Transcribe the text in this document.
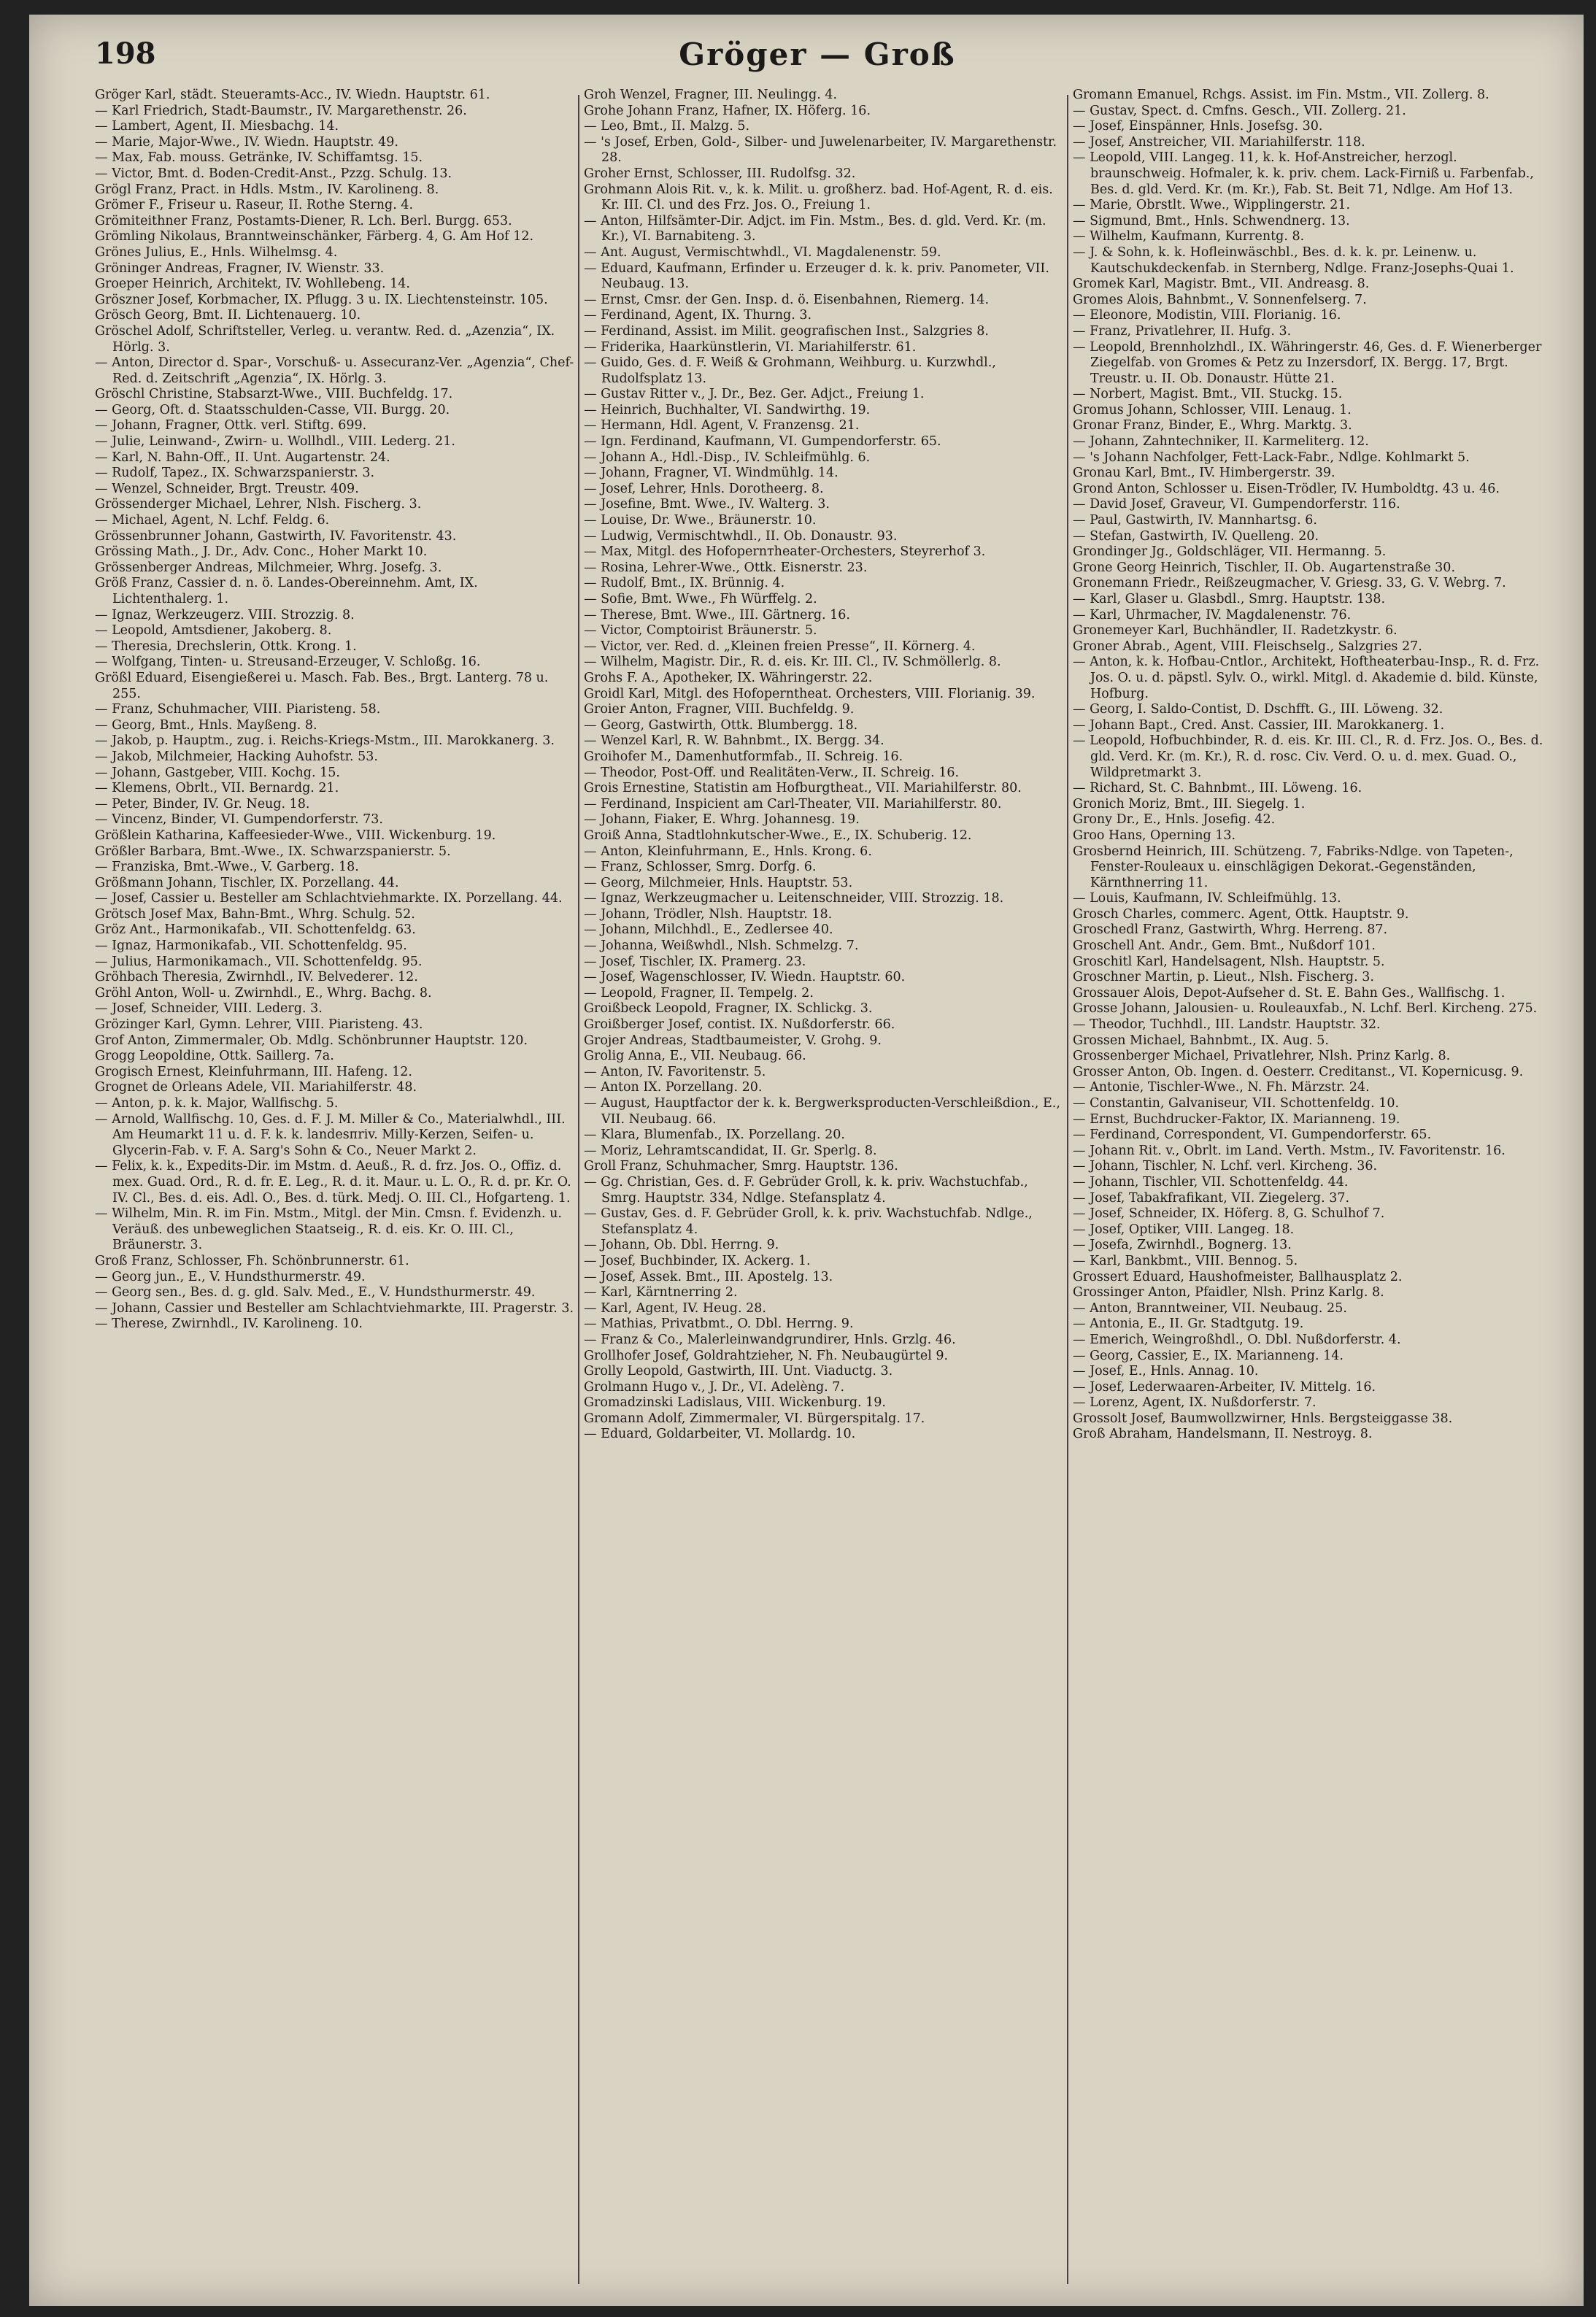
198	Gröger — Groß

Gröger Karl, städt. Steueramts-Acc., IV. Wiedn. Hauptstr. 61.

— Karl Friedrich, Stadt-Baumstr., IV. Margarethenstr. 26.

— Lambert, Agent, II. Miesbachg. 14.

— Marie, Major-Wwe., IV. Wiedn. Hauptstr. 49.

— Max, Fab. mouss. Getränke, IV. Schiffamtsg. 15.

— Victor, Bmt. d. Boden-Credit-Anst., Pzzg. Schulg. 13.

Grögl Franz, Pract. in Hdls. Mstm., IV. Karolineng. 8.

Grömer F., Friseur u. Raseur, II. Rothe Sterng. 4.

Grömiteithner Franz, Postamts-Diener, R. Lch. Berl. Burgg. 653.

Grömling Nikolaus, Branntweinschänker, Färberg. 4, G. Am Hof 12.

Grönes Julius, E., Hnls. Wilhelmsg. 4.

Gröninger Andreas, Fragner, IV. Wienstr. 33.

Groeper Heinrich, Architekt, IV. Wohllebeng. 14.

Gröszner Josef, Korbmacher, IX. Pflugg. 3 u. IX. Liechtensteinstr. 105.

Grösch Georg, Bmt. II. Lichtenauerg. 10.

Gröschel Adolf, Schriftsteller, Verleg. u. verantw. Red. d. „Azenzia“, IX. Hörlg. 3.

— Anton, Director d. Spar-, Vorschuß- u. Assecuranz-Ver. „Agenzia“, Chef-Red. d. Zeitschrift „Agenzia“, IX. Hörlg. 3.

Gröschl Christine, Stabsarzt-Wwe., VIII. Buchfeldg. 17.

— Georg, Oft. d. Staatsschulden-Casse, VII. Burgg. 20.

— Johann, Fragner, Ottk. verl. Stiftg. 699.

— Julie, Leinwand-, Zwirn- u. Wollhdl., VIII. Lederg. 21.

— Karl, N. Bahn-Off., II. Unt. Augartenstr. 24.

— Rudolf, Tapez., IX. Schwarzspanierstr. 3.

— Wenzel, Schneider, Brgt. Treustr. 409.

Grössenderger Michael, Lehrer, Nlsh. Fischerg. 3.

— Michael, Agent, N. Lchf. Feldg. 6.

Grössenbrunner Johann, Gastwirth, IV. Favoritenstr. 43.

Grössing Math., J. Dr., Adv. Conc., Hoher Markt 10.

Grössenberger Andreas, Milchmeier, Whrg. Josefg. 3.

Größ Franz, Cassier d. n. ö. Landes-Obereinnehm. Amt, IX. Lichtenthalerg. 1.

— Ignaz, Werkzeugerz. VIII. Strozzig. 8.

— Leopold, Amtsdiener, Jakoberg. 8.

— Theresia, Drechslerin, Ottk. Krong. 1.

— Wolfgang, Tinten- u. Streusand-Erzeuger, V. Schloßg. 16.

Größl Eduard, Eisengießerei u. Masch. Fab. Bes., Brgt. Lanterg. 78 u. 255.

— Franz, Schuhmacher, VIII. Piaristeng. 58.

— Georg, Bmt., Hnls. Mayßeng. 8.

— Jakob, p. Hauptm., zug. i. Reichs-Kriegs-Mstm., III. Marokkanerg. 3.

— Jakob, Milchmeier, Hacking Auhofstr. 53.

— Johann, Gastgeber, VIII. Kochg. 15.

— Klemens, Obrlt., VII. Bernardg. 21.

— Peter, Binder, IV. Gr. Neug. 18.

— Vincenz, Binder, VI. Gumpendorferstr. 73.

Größlein Katharina, Kaffeesieder-Wwe., VIII. Wickenburg. 19.

Größler Barbara, Bmt.-Wwe., IX. Schwarzspanierstr. 5.

— Franziska, Bmt.-Wwe., V. Garberg. 18.

Größmann Johann, Tischler, IX. Porzellang. 44.

— Josef, Cassier u. Besteller am Schlachtviehmarkte. IX. Porzellang. 44.

Grötsch Josef Max, Bahn-Bmt., Whrg. Schulg. 52.

Gröz Ant., Harmonikafab., VII. Schottenfeldg. 63.

— Ignaz, Harmonikafab., VII. Schottenfeldg. 95.

— Julius, Harmonikamach., VII. Schottenfeldg. 95.

Gröhbach Theresia, Zwirnhdl., IV. Belvederег. 12.

Gröhl Anton, Woll- u. Zwirnhdl., E., Whrg. Bachg. 8.

— Josef, Schneider, VIII. Lederg. 3.

Grözinger Karl, Gymn. Lehrer, VIII. Piaristeng. 43.

Grof Anton, Zimmermaler, Ob. Mdlg. Schönbrunner Hauptstr. 120.

Grogg Leopoldine, Ottk. Saillerg. 7a.

Grogisch Ernest, Kleinfuhrmann, III. Hafeng. 12.

Grognet de Orleans Adele, VII. Mariahilferstr. 48.

— Anton, p. k. k. Major, Wallfischg. 5.

— Arnold, Wallfischg. 10, Ges. d. F. J. M. Miller & Co., Materialwhdl., III. Am Heumarkt 11 u. d. F. k. k. landesпriv. Milly-Kerzen, Seifen- u. Glycerin-Fab. v. F. A. Sarg's Sohn & Co., Neuer Markt 2.

— Felix, k. k., Expedits-Dir. im Mstm. d. Aeuß., R. d. frz. Jos. O., Offiz. d. mex. Guad. Ord., R. d. fr. E. Leg., R. d. it. Maur. u. L. O., R. d. pr. Kr. O. IV. Cl., Bes. d. eis. Adl. O., Bes. d. türk. Medj. O. III. Cl., Hofgarteng. 1.

— Wilhelm, Min. R. im Fin. Mstm., Mitgl. der Min. Cmsn. f. Evidenzh. u. Veräuß. des unbeweglichen Staatseig., R. d. eis. Kr. O. III. Cl., Bräunerstr. 3.

Groß Franz, Schlosser, Fh. Schönbrunnerstr. 61.

— Georg jun., E., V. Hundsthurmerstr. 49.

— Georg sen., Bes. d. g. gld. Salv. Med., E., V. Hundsthurmerstr. 49.

— Johann, Cassier und Besteller am Schlachtviehmarkte, III. Pragerstr. 3.

— Therese, Zwirnhdl., IV. Karolineng. 10.

Groh Wenzel, Fragner, III. Neulingg. 4.

Grohe Johann Franz, Hafner, IX. Höferg. 16.

— Leo, Bmt., II. Malzg. 5.

— 's Josef, Erben, Gold-, Silber- und Juwelenarbeiter, IV. Margarethenstr. 28.

Groher Ernst, Schlosser, III. Rudolfsg. 32.

Grohmann Alois Rit. v., k. k. Milit. u. großherz. bad. Hof-Agent, R. d. eis. Kr. III. Cl. und des Frz. Jos. O., Freiung 1.

— Anton, Hilfsämter-Dir. Adjct. im Fin. Mstm., Bes. d. gld. Verd. Kr. (m. Kr.), VI. Barnabiteng. 3.

— Ant. August, Vermischtwhdl., VI. Magdalenenstr. 59.

— Eduard, Kaufmann, Erfinder u. Erzeuger d. k. k. priv. Panometer, VII. Neubaug. 13.

— Ernst, Cmsr. der Gen. Insp. d. ö. Eisenbahnen, Riemerg. 14.

— Ferdinand, Agent, IX. Thurng. 3.

— Ferdinand, Assist. im Milit. geografischen Inst., Salzgries 8.

— Friderika, Haarkünstlerin, VI. Mariahilferstr. 61.

— Guido, Ges. d. F. Weiß & Grohmann, Weihburg. u. Kurzwhdl., Rudolfsplatz 13.

— Gustav Ritter v., J. Dr., Bez. Ger. Adjct., Freiung 1.

— Heinrich, Buchhalter, VI. Sandwirthg. 19.

— Hermann, Hdl. Agent, V. Franzensg. 21.

— Ign. Ferdinand, Kaufmann, VI. Gumpendorferstr. 65.

— Johann A., Hdl.-Disp., IV. Schleifmühlg. 6.

— Johann, Fragner, VI. Windmühlg. 14.

— Josef, Lehrer, Hnls. Dorotheerg. 8.

— Josefine, Bmt. Wwe., IV. Walterg. 3.

— Louise, Dr. Wwe., Bräunerstr. 10.

— Ludwig, Vermischtwhdl., II. Ob. Donaustr. 93.

— Max, Mitgl. des Hofopernтheater-Orchesters, Steyrerhof 3.

— Rosina, Lehrer-Wwe., Ottk. Eisnerstr. 23.

— Rudolf, Bmt., IX. Brünnig. 4.

— Sofie, Bmt. Wwe., Fh Würffelg. 2.

— Therese, Bmt. Wwe., III. Gärtnerg. 16.

— Victor, Comptoirist Bräunerstr. 5.

— Victor, ver. Red. d. „Kleinen freien Presse“, II. Körnerg. 4.

— Wilhelm, Magistr. Dir., R. d. eis. Kr. III. Cl., IV. Schmöllerlg. 8.

Grohs F. A., Apotheker, IX. Währingerstr. 22.

Groidl Karl, Mitgl. des Hofoperntheat. Orchesters, VIII. Florianig. 39.

Groier Anton, Fragner, VIII. Buchfeldg. 9.

— Georg, Gastwirth, Ottk. Blumbergg. 18.

— Wenzel Karl, R. W. Bahnbmt., IX. Bergg. 34.

Groihofer M., Damenhutformfab., II. Schreig. 16.

— Theodor, Post-Off. und Realitäten-Verw., II. Schreig. 16.

Grois Ernestine, Statistin am Hofburgtheat., VII. Mariahilferstr. 80.

— Ferdinand, Inspicient am Carl-Theater, VII. Mariahilferstr. 80.

— Johann, Fiaker, E. Whrg. Johannesg. 19.

Groiß Anna, Stadtlohnkutscher-Wwe., E., IX. Schuberig. 12.

— Anton, Kleinfuhrmann, E., Hnls. Krong. 6.

— Franz, Schlosser, Smrg. Dorfg. 6.

— Georg, Milchmeier, Hnls. Hauptstr. 53.

— Ignaz, Werkzeugmacher u. Leitenschneider, VIII. Strozzig. 18.

— Johann, Trödler, Nlsh. Hauptstr. 18.

— Johann, Milchhdl., E., Zedlersee 40.

— Johanna, Weißwhdl., Nlsh. Schmelzg. 7.

— Josef, Tischler, IX. Pramerg. 23.

— Josef, Wagenschlosser, IV. Wiedn. Hauptstr. 60.

— Leopold, Fragner, II. Tempelg. 2.

Groißbeck Leopold, Fragner, IX. Schlickg. 3.

Groißberger Josef, contist. IX. Nußdorferstr. 66.

Grojer Andreas, Stadtbaumeister, V. Grohg. 9.

Grolig Anna, E., VII. Neubaug. 66.

— Anton, IV. Favoritenstr. 5.

— Anton IX. Porzellang. 20.

— August, Hauptfactor der k. k. Bergwerksproducten-Verschleißdion., E., VII. Neubaug. 66.

— Klara, Blumenfab., IX. Porzellang. 20.

— Moriz, Lehramtscandidat, II. Gr. Sperlg. 8.

Groll Franz, Schuhmacher, Smrg. Hauptstr. 136.

— Gg. Christian, Ges. d. F. Gebrüder Groll, k. k. priv. Wachstuchfab., Smrg. Hauptstr. 334, Ndlge. Stefansplatz 4.

— Gustav, Ges. d. F. Gebrüder Groll, k. k. priv. Wachstuchfab. Ndlge., Stefansplatz 4.

— Johann, Ob. Dbl. Herrng. 9.

— Josef, Buchbinder, IX. Ackerg. 1.

— Josef, Assek. Bmt., III. Apostelg. 13.

— Karl, Kärntnerring 2.

— Karl, Agent, IV. Heug. 28.

— Mathias, Privatbmt., O. Dbl. Herrng. 9.

— Franz & Co., Malerleinwandgrundirer, Hnls. Grzlg. 46.

Grollhofer Josef, Goldrahtzieher, N. Fh. Neubaugürtel 9.

Grolly Leopold, Gastwirth, III. Unt. Viaductg. 3.

Grolmann Hugo v., J. Dr., VI. Adelèng. 7.

Gromadzinski Ladislaus, VIII. Wickenburg. 19.

Gromann Adolf, Zimmermaler, VI. Bürgerspitalg. 17.

— Eduard, Goldarbeiter, VI. Mollardg. 10.

Gromann Emanuel, Rchgs. Assist. im Fin. Mstm., VII. Zollerg. 8.

— Gustav, Spect. d. Cmfns. Gesch., VII. Zollerg. 21.

— Josef, Einspänner, Hnls. Josefsg. 30.

— Josef, Anstreicher, VII. Mariahilferstr. 118.

— Leopold, VIII. Langeg. 11, k. k. Hof-Anstreicher, herzogl. braunschweig. Hofmaler, k. k. priv. chem. Lack-Firniß u. Farbenfab., Bes. d. gld. Verd. Kr. (m. Kr.), Fab. St. Beit 71, Ndlge. Am Hof 13.

— Marie, Obrstlt. Wwe., Wipplingerstr. 21.

— Sigmund, Bmt., Hnls. Schwendnerg. 13.

— Wilhelm, Kaufmann, Kurrentg. 8.

— J. & Sohn, k. k. Hofleinwäschbl., Bes. d. k. k. pr. Leinenw. u. Kautschukdeckenfab. in Sternberg, Ndlge. Franz-Josephs-Quai 1.

Gromek Karl, Magistr. Bmt., VII. Andreasg. 8.

Gromes Alois, Bahnbmt., V. Sonnenfelserg. 7.

— Eleonore, Modistin, VIII. Florianig. 16.

— Franz, Privatlehrer, II. Hufg. 3.

— Leopold, Brennholzhdl., IX. Währingerstr. 46, Ges. d. F. Wienerberger Ziegelfab. von Gromes & Petz zu Inzersdorf, IX. Bergg. 17, Brgt. Treustr. u. II. Ob. Donaustr. Hütte 21.

— Norbert, Magist. Bmt., VII. Stuckg. 15.

Gromus Johann, Schlosser, VIII. Lenaug. 1.

Gronar Franz, Binder, E., Whrg. Marktg. 3.

— Johann, Zahntechniker, II. Karmeliterg. 12.

— 's Johann Nachfolger, Fett-Lack-Fabr., Ndlge. Kohlmarkt 5.

Gronau Karl, Bmt., IV. Himbergerstr. 39.

Grond Anton, Schlosser u. Eisen-Trödler, IV. Humboldtg. 43 u. 46.

— David Josef, Graveur, VI. Gumpendorferstr. 116.

— Paul, Gastwirth, IV. Mannhartsg. 6.

— Stefan, Gastwirth, IV. Quelleng. 20.

Grondinger Jg., Goldschläger, VII. Hermanng. 5.

Grone Georg Heinrich, Tischler, II. Ob. Augartenstraße 30.

Gronemann Friedr., Reißzeugmacher, V. Griesg. 33, G. V. Webrg. 7.

— Karl, Glaser u. Glasbdl., Smrg. Hauptstr. 138.

— Karl, Uhrmacher, IV. Magdalenenstr. 76.

Gronemeyer Karl, Buchhändler, II. Radetzkystr. 6.

Groner Abrab., Agent, VIII. Fleischselg., Salzgries 27.

— Anton, k. k. Hofbau-Cntlor., Architekt, Hoftheaterbau-Insp., R. d. Frz. Jos. O. u. d. päpstl. Sylv. O., wirkl. Mitgl. d. Akademie d. bild. Künste, Hofburg.

— Georg, I. Saldo-Contist, D. Dschfft. G., III. Löweng. 32.

— Johann Bapt., Cred. Anst. Cassier, III. Marokkanerg. 1.

— Leopold, Hofbuchbinder, R. d. eis. Kr. III. Cl., R. d. Frz. Jos. O., Bes. d. gld. Verd. Kr. (m. Kr.), R. d. rosc. Civ. Verd. O. u. d. mex. Guad. O., Wildpretmarkt 3.

— Richard, St. C. Bahnbmt., III. Löweng. 16.

Gronich Moriz, Bmt., III. Siegelg. 1.

Grony Dr., E., Hnls. Josefig. 42.

Groo Hans, Operning 13.

Grosbernd Heinrich, III. Schützeng. 7, Fabriks-Ndlge. von Tapeten-, Fenster-Rouleaux u. einschlägigen Dekorat.-Gegenständen, Kärnthnerring 11.

— Louis, Kaufmann, IV. Schleifmühlg. 13.

Grosch Charles, commerc. Agent, Ottk. Hauptstr. 9.

Groschedl Franz, Gastwirth, Whrg. Herreng. 87.

Groschell Ant. Andr., Gem. Bmt., Nußdorf 101.

Groschitl Karl, Handelsagent, Nlsh. Hauptstr. 5.

Groschner Martin, p. Lieut., Nlsh. Fischerg. 3.

Grossauer Alois, Depot-Aufseher d. St. E. Bahn Ges., Wallfischg. 1.

Grosse Johann, Jalousien- u. Rouleauxfab., N. Lchf. Berl. Kircheng. 275.

— Theodor, Tuchhdl., III. Landstr. Hauptstr. 32.

Grossen Michael, Bahnbmt., IX. Aug. 5.

Grossenberger Michael, Privatlehrer, Nlsh. Prinz Karlg. 8.

Grosser Anton, Ob. Ingen. d. Oesterr. Creditanst., VI. Kopernicusg. 9.

— Antonie, Tischler-Wwe., N. Fh. Märzstr. 24.

— Constantin, Galvaniseur, VII. Schottenfeldg. 10.

— Ernst, Buchdrucker-Faktor, IX. Marianneng. 19.

— Ferdinand, Correspondent, VI. Gumpendorferstr. 65.

— Johann Rit. v., Obrlt. im Land. Verth. Mstm., IV. Favoritenstr. 16.

— Johann, Tischler, N. Lchf. verl. Kircheng. 36.

— Johann, Tischler, VII. Schottenfeldg. 44.

— Josef, Tabakfrafikant, VII. Ziegelerg. 37.

— Josef, Schneider, IX. Höferg. 8, G. Schulhof 7.

— Josef, Optiker, VIII. Langeg. 18.

— Josefa, Zwirnhdl., Bognerg. 13.

— Karl, Bankbmt., VIII. Bennog. 5.

Grossert Eduard, Haushofmeister, Ballhausplatz 2.

Grossinger Anton, Pfaidler, Nlsh. Prinz Karlg. 8.

— Anton, Branntweiner, VII. Neubaug. 25.

— Antonia, E., II. Gr. Stadtgutg. 19.

— Emerich, Weingroßhdl., O. Dbl. Nußdorferstr. 4.

— Georg, Cassier, E., IX. Marianneng. 14.

— Josef, E., Hnls. Annag. 10.

— Josef, Lederwaaren-Arbeiter, IV. Mittelg. 16.

— Lorenz, Agent, IX. Nußdorferstr. 7.

Grossolt Josef, Baumwollzwirner, Hnls. Bergsteiggasse 38.

Groß Abraham, Handelsmann, II. Nestroyg. 8.
